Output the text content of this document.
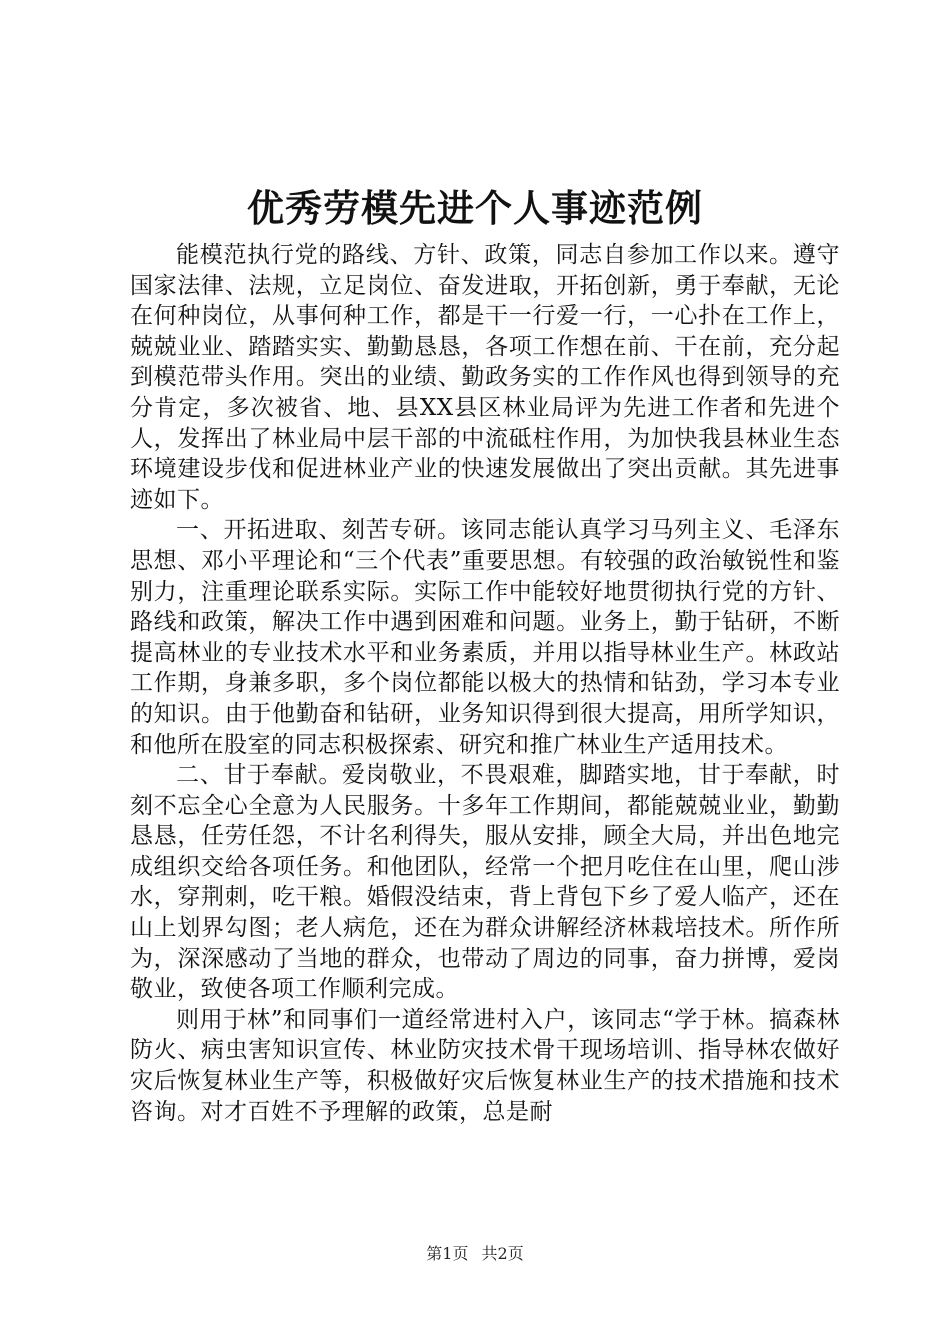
优秀劳模先进个人事迹范例

能模范执行党的路线、方针、政策，同志自参加工作以来。遵守国家法律、法规，立足岗位、奋发进取，开拓创新，勇于奉献，无论在何种岗位，从事何种工作，都是干一行爱一行，一心扑在工作上，兢兢业业、踏踏实实、勤勤恳恳，各项工作想在前、干在前，充分起到模范带头作用。突出的业绩、勤政务实的工作作风也得到领导的充分肯定，多次被省、地、县XX县区林业局评为先进工作者和先进个人，发挥出了林业局中层干部的中流砥柱作用，为加快我县林业生态环境建设步伐和促进林业产业的快速发展做出了突出贡献。其先进事迹如下。

一、开拓进取、刻苦专研。该同志能认真学习马列主义、毛泽东思想、邓小平理论和“三个代表”重要思想。有较强的政治敏锐性和鉴别力，注重理论联系实际。实际工作中能较好地贯彻执行党的方针、路线和政策，解决工作中遇到困难和问题。业务上，勤于钻研，不断提高林业的专业技术水平和业务素质，并用以指导林业生产。林政站工作期，身兼多职，多个岗位都能以极大的热情和钻劲，学习本专业的知识。由于他勤奋和钻研，业务知识得到很大提高，用所学知识，和他所在股室的同志积极探索、研究和推广林业生产适用技术。

二、甘于奉献。爱岗敬业，不畏艰难，脚踏实地，甘于奉献，时刻不忘全心全意为人民服务。十多年工作期间，都能兢兢业业，勤勤恳恳，任劳任怨，不计名利得失，服从安排，顾全大局，并出色地完成组织交给各项任务。和他团队，经常一个把月吃住在山里，爬山涉水，穿荆刺，吃干粮。婚假没结束，背上背包下乡了爱人临产，还在山上划界勾图；老人病危，还在为群众讲解经济林栽培技术。所作所为，深深感动了当地的群众，也带动了周边的同事，奋力拼博，爱岗敬业，致使各项工作顺利完成。

则用于林”和同事们一道经常进村入户，该同志“学于林。搞森林防火、病虫害知识宣传、林业防灾技术骨干现场培训、指导林农做好灾后恢复林业生产等，积极做好灾后恢复林业生产的技术措施和技术咨询。对才百姓不予理解的政策，总是耐

第1页 共2页
